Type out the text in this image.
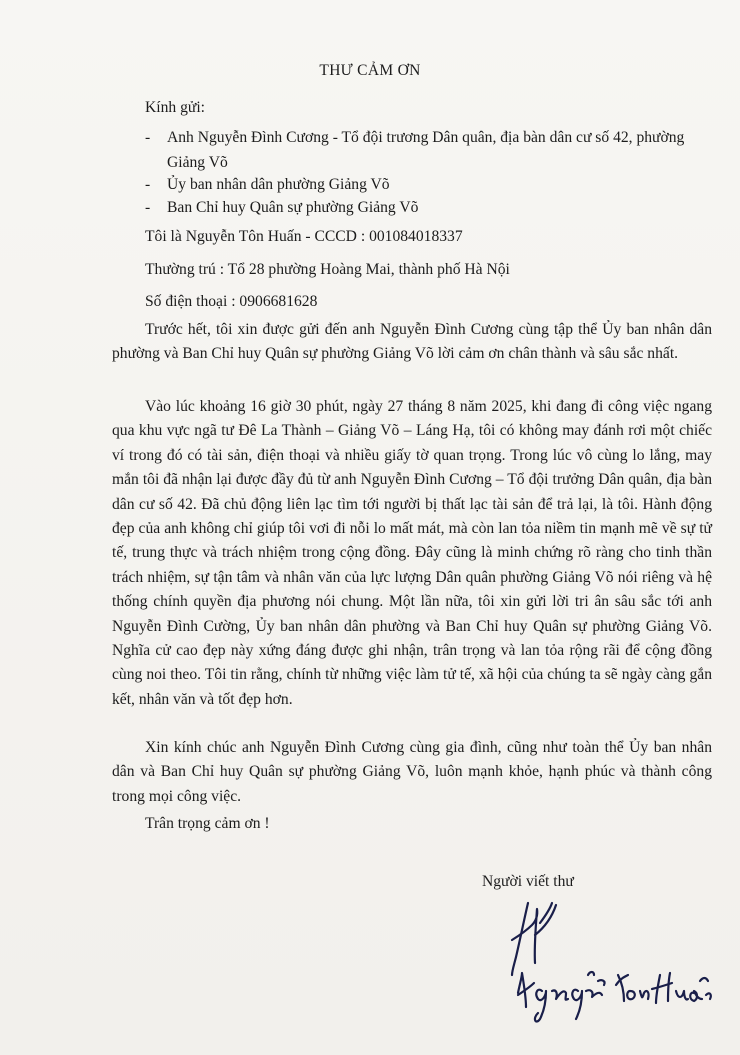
THƯ CẢM ƠN
Kính gửi:
- Anh Nguyễn Đình Cương - Tổ đội trương Dân quân, địa bàn dân cư số 42, phường Giảng Võ
- Ủy ban nhân dân phường Giảng Võ
- Ban Chỉ huy Quân sự phường Giảng Võ
Tôi là Nguyễn Tôn Huấn - CCCD : 001084018337
Thường trú : Tổ 28 phường Hoàng Mai, thành phố Hà Nội
Số điện thoại : 0906681628
Trước hết, tôi xin được gửi đến anh Nguyễn Đình Cương cùng tập thể Ủy ban nhân dân phường và Ban Chỉ huy Quân sự phường Giảng Võ lời cảm ơn chân thành và sâu sắc nhất.
Vào lúc khoảng 16 giờ 30 phút, ngày 27 tháng 8 năm 2025, khi đang đi công việc ngang qua khu vực ngã tư Đê La Thành – Giảng Võ – Láng Hạ, tôi có không may đánh rơi một chiếc ví trong đó có tài sản, điện thoại và nhiều giấy tờ quan trọng. Trong lúc vô cùng lo lắng, may mắn tôi đã nhận lại được đầy đủ từ anh Nguyễn Đình Cương – Tổ đội trưởng Dân quân, địa bàn dân cư số 42. Đã chủ động liên lạc tìm tới người bị thất lạc tài sản để trả lại, là tôi. Hành động đẹp của anh không chỉ giúp tôi vơi đi nỗi lo mất mát, mà còn lan tỏa niềm tin mạnh mẽ về sự tử tế, trung thực và trách nhiệm trong cộng đồng. Đây cũng là minh chứng rõ ràng cho tinh thần trách nhiệm, sự tận tâm và nhân văn của lực lượng Dân quân phường Giảng Võ nói riêng và hệ thống chính quyền địa phương nói chung. Một lần nữa, tôi xin gửi lời tri ân sâu sắc tới anh Nguyễn Đình Cường, Ủy ban nhân dân phường và Ban Chỉ huy Quân sự phường Giảng Võ. Nghĩa cử cao đẹp này xứng đáng được ghi nhận, trân trọng và lan tỏa rộng rãi để cộng đồng cùng noi theo. Tôi tin rằng, chính từ những việc làm tử tế, xã hội của chúng ta sẽ ngày càng gắn kết, nhân văn và tốt đẹp hơn.
Xin kính chúc anh Nguyễn Đình Cương cùng gia đình, cũng như toàn thể Ủy ban nhân dân và Ban Chỉ huy Quân sự phường Giảng Võ, luôn mạnh khỏe, hạnh phúc và thành công trong mọi công việc.
Trân trọng cảm ơn !
Người viết thư
